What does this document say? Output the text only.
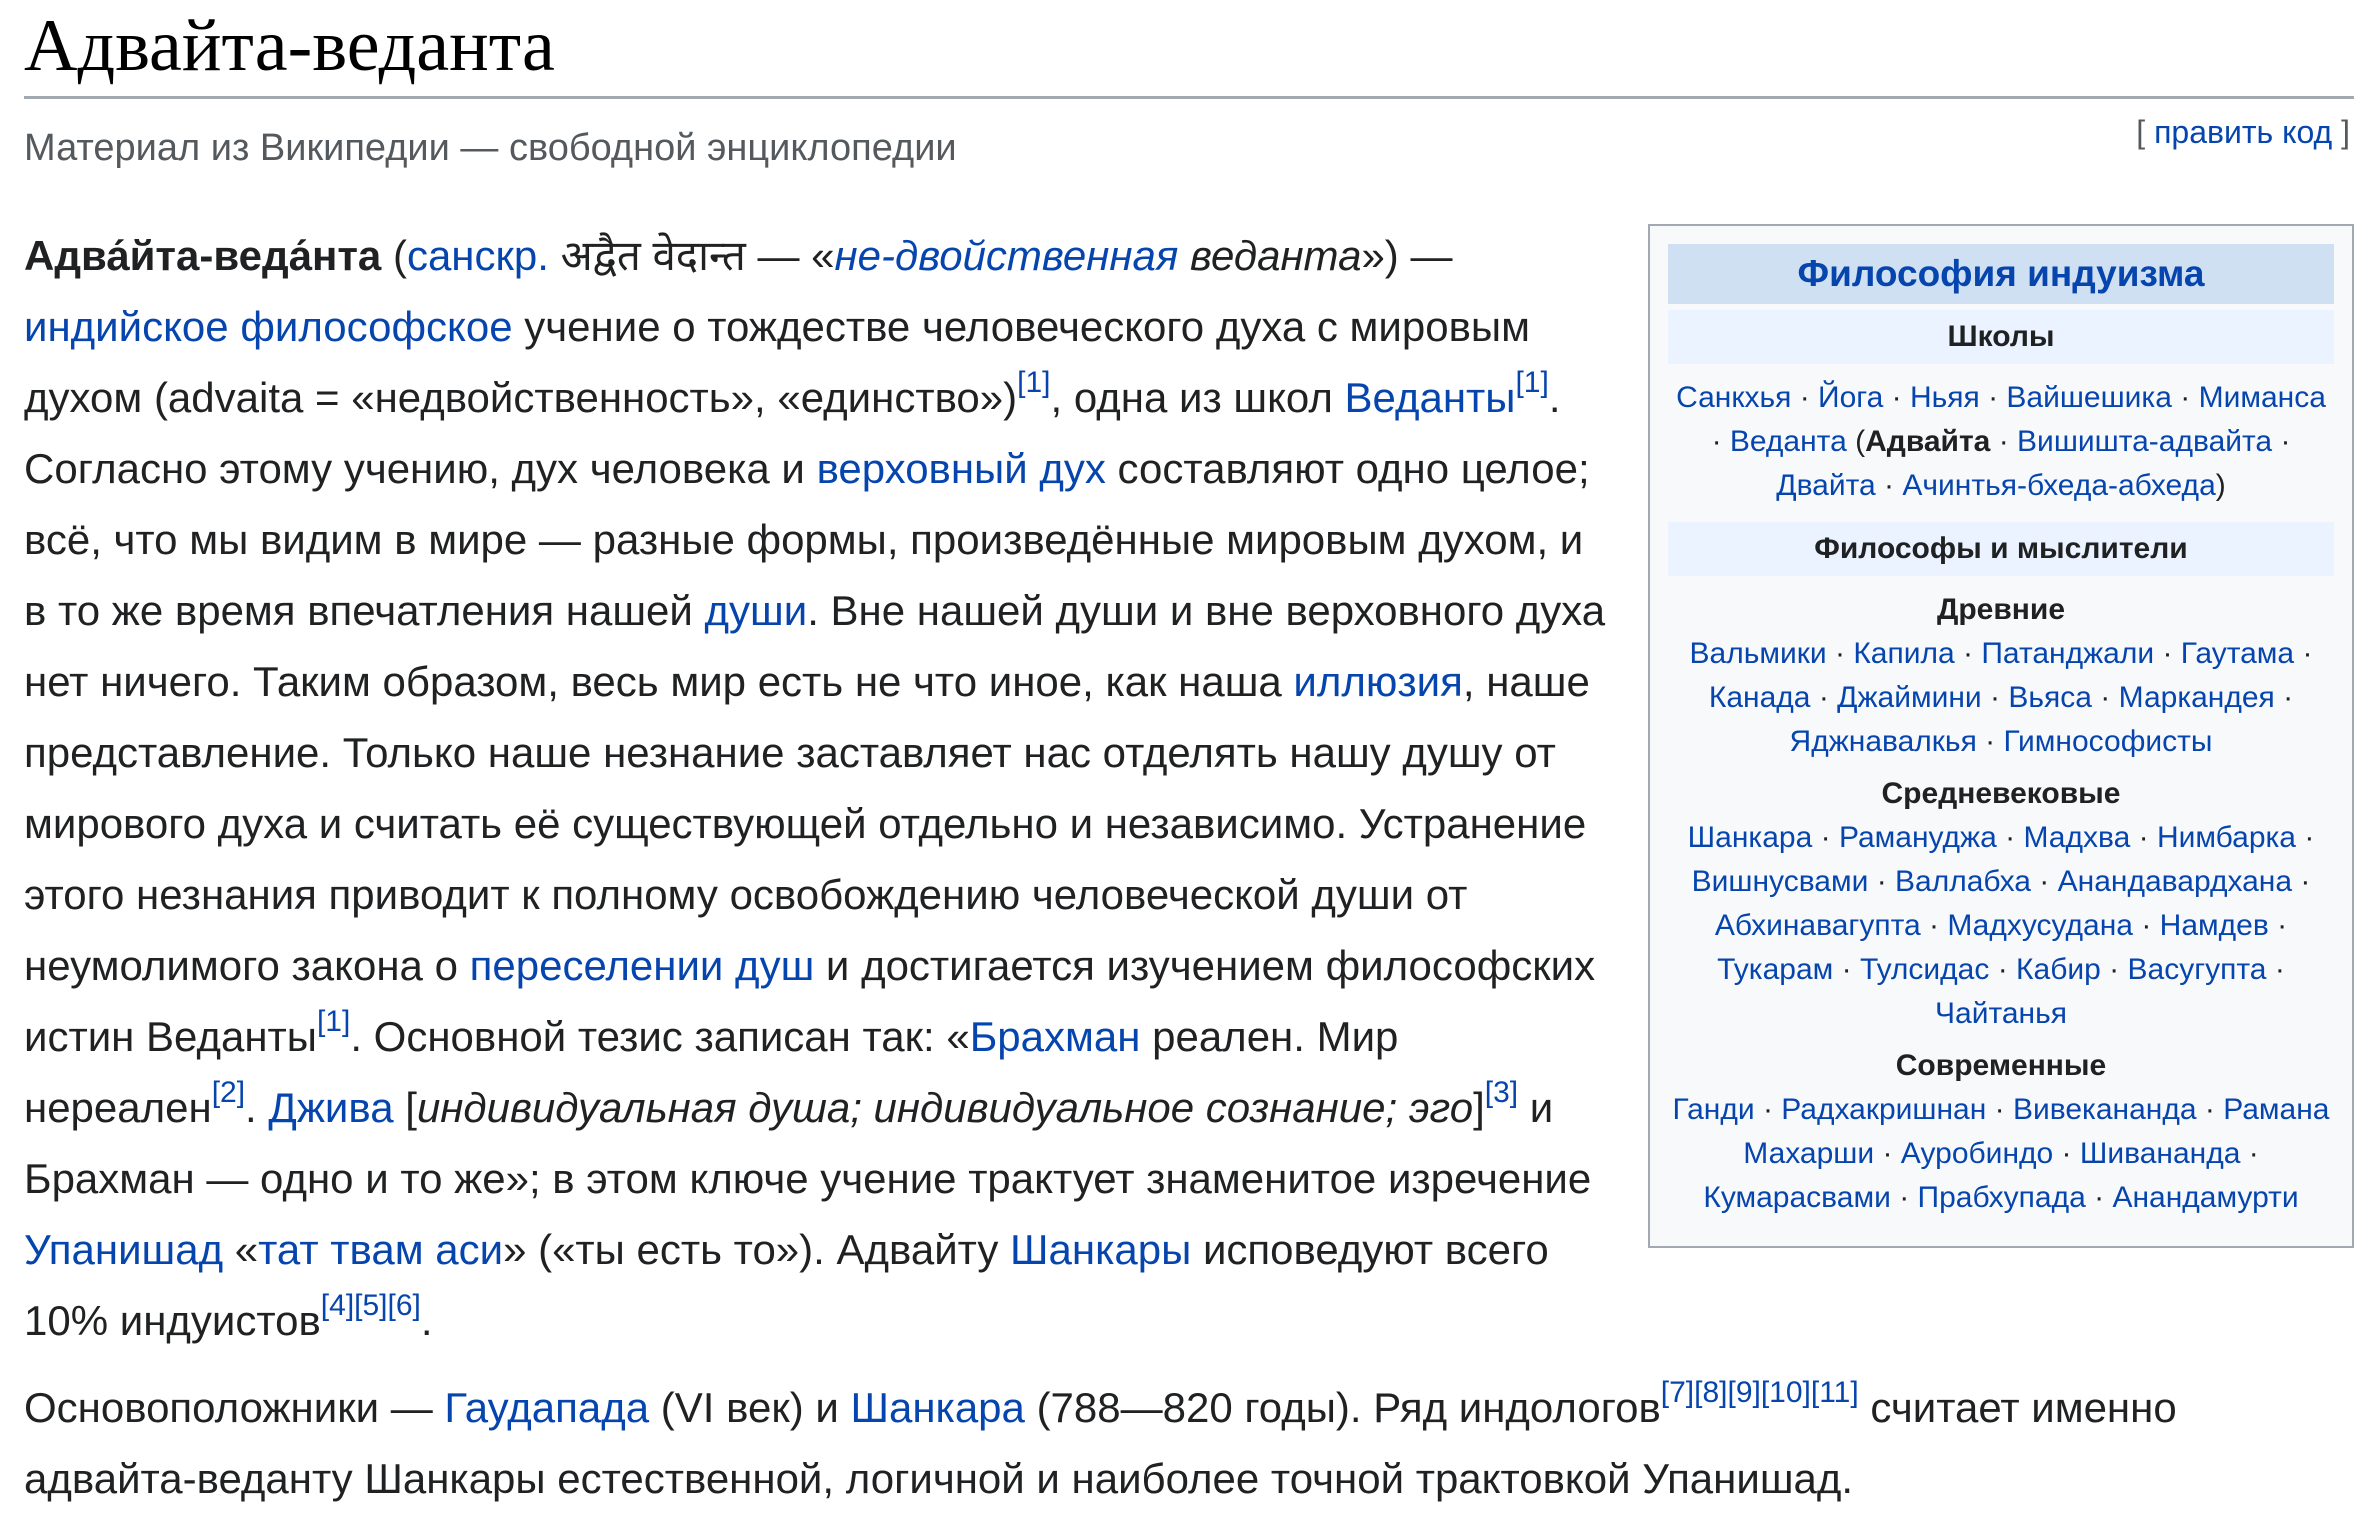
Адвайта-веданта
Материал из Википедии — свободной энциклопедии	[ править код ]
Философия индуизма
Школы
Санкхья · Йога · Ньяя · Вайшешика · Миманса · Веданта (Адвайта · Вишишта-адвайта · Двайта · Ачинтья-бхеда-абхеда)
Философы и мыслители
Древние
Вальмики · Капила · Патанджали · Гаутама · Канада · Джаймини · Вьяса · Маркандея · Яджнавалкья · Гимнософисты
Средневековые
Шанкара · Рамануджа · Мадхва · Нимбарка · Вишнусвами · Валлабха · Анандавардхана · Абхинавагупта · Мадхусудана · Намдев · Тукарам · Тулсидас · Кабир · Васугупта · Чайтанья
Современные
Ганди · Радхакришнан · Вивекананда · Рамана Махарши · Ауробиндо · Шивананда · Кумарасвами · Прабхупада · Анандамурти

Адва́йта-веда́нта (санскр. अद्वैत वेदान्त — «не-двойственная веданта») — индийское философское учение о тождестве человеческого духа с мировым духом (advaita = «недвойственность», «единство»)[1], одна из школ Веданты[1]. Согласно этому учению, дух человека и верховный дух составляют одно целое; всё, что мы видим в мире — разные формы, произведённые мировым духом, и в то же время впечатления нашей души. Вне нашей души и вне верховного духа нет ничего. Таким образом, весь мир есть не что иное, как наша иллюзия, наше представление. Только наше незнание заставляет нас отделять нашу душу от мирового духа и считать её существующей отдельно и независимо. Устранение этого незнания приводит к полному освобождению человеческой души от неумолимого закона о переселении душ и достигается изучением философских истин Веданты[1]. Основной тезис записан так: «Брахман реален. Мир нереален[2]. Джива [индивидуальная душа; индивидуальное сознание; эго][3] и Брахман — одно и то же»; в этом ключе учение трактует знаменитое изречение Упанишад «тат твам аси» («ты есть то»). Адвайту Шанкары исповедуют всего 10% индуистов[4][5][6].

Основоположники — Гаудапада (VI век) и Шанкара (788—820 годы). Ряд индологов[7][8][9][10][11] считает именно адвайта-веданту Шанкары естественной, логичной и наиболее точной трактовкой Упанишад.
